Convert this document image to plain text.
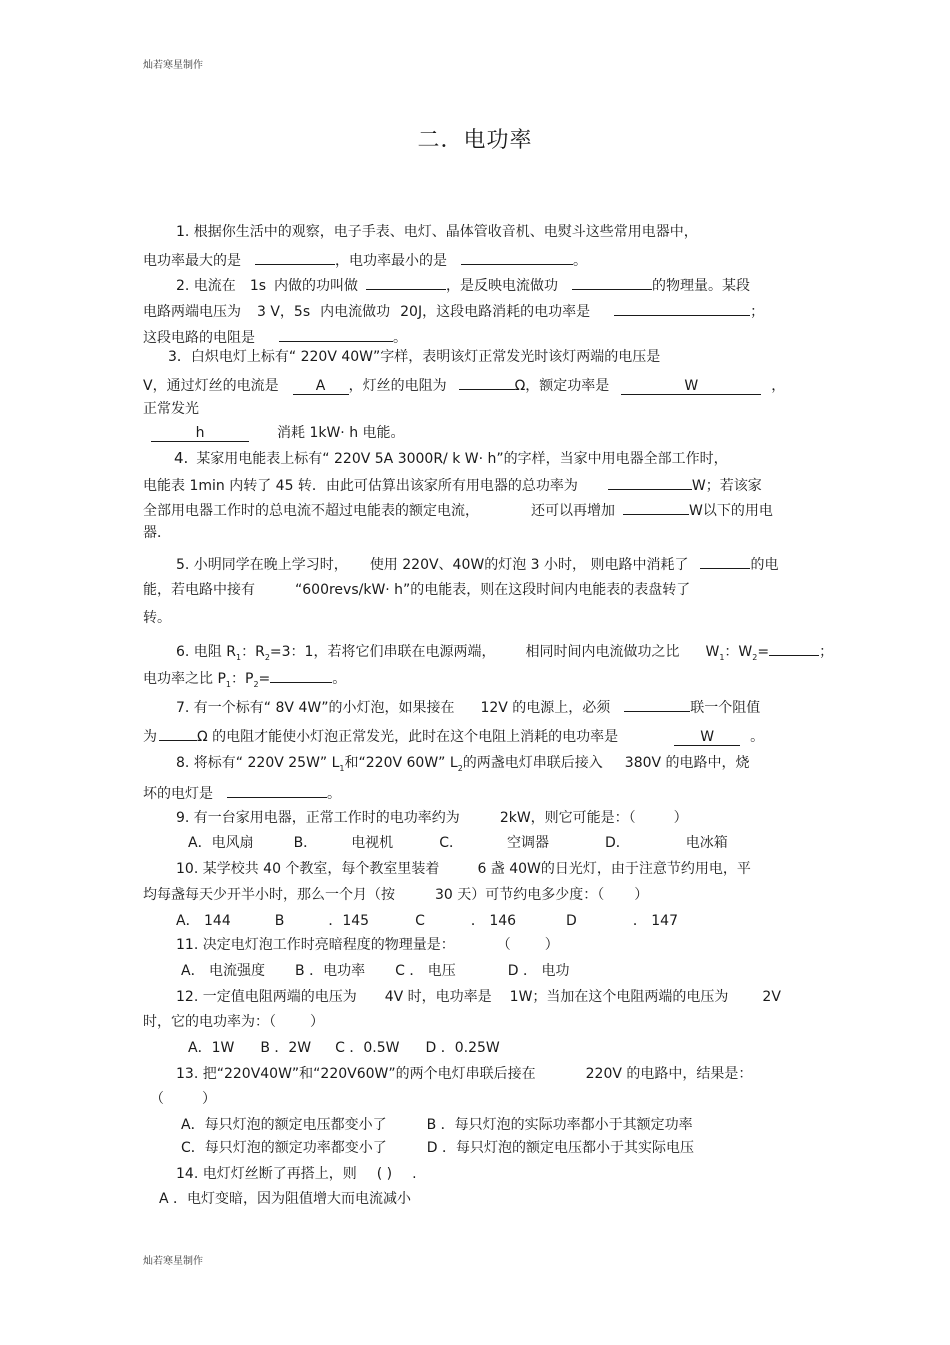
灿若寒星制作
二．电功率
1. 根据你生活中的观察，电子手表、电灯、晶体管收音机、电熨斗这些常用电器中，
电功率最大的是	，电功率最小的是	。
2. 电流在 1s 内做的功叫做	，是反映电流做功	的物理量。某段
电路两端电压为 3 V，5s 内电流做功 20J，这段电路消耗的电功率是	；
这段电路的电阻是	。
3．白炽电灯上标有“ 220V 40W”字样，表明该灯正常发光时该灯两端的电压是
V，通过灯丝的电流是	A ，灯丝的电阻为	Ω，额定功率是	W	，
正常发光
h	消耗 1kW· h 电能。
4. 某家用电能表上标有“ 220V 5A 3000R/ k W· h”的字样，当家中用电器全部工作时，
电能表 1min 内转了 45 转．由此可估算出该家所有用电器的总功率为	W；若该家
全部用电器工作时的总电流不超过电能表的额定电流，	还可以再增加	W以下的用电
器．
5. 小明同学在晚上学习时， 使用 220V、40W的灯泡 3 小时， 则电路中消耗了	的电
能，若电路中接有	“600revs/kW· h”的电能表，则在这段时间内电能表的表盘转了
转。
6. 电阻 $R_1$：$R_2=3$：1，若将它们串联在电源两端， 相同时间内电流做功之比 $W_1$：$W_2=$	；
电功率之比 $P_1$：$P_2=$	。
7. 有一个标有“ 8V 4W”的小灯泡，如果接在 12V 的电源上，必须	联一个阻值
为	Ω 的电阻才能使小灯泡正常发光，此时在这个电阻上消耗的电功率是	W	。
8. 将标有“ 220V 25W” $L_1$和“220V 60W” $L_2$的两盏电灯串联后接入 380V 的电路中，烧
坏的电灯是	。
9. 有一台家用电器，正常工作时的电功率约为	2kW，则它可能是：（	）
A．电风扇	B． 电视机	C．	空调器	D．	电冰箱
10. 某学校共 40 个教室，每个教室里装着	6 盏 40W的日光灯，由于注意节约用电，平
均每盏每天少开半小时，那么一个月（按	30 天）可节约电多少度：（ ）
A． 144	B	．145	C	． 146	D	． 147
11. 决定电灯泡工作时亮暗程度的物理量是：	（ ）
A． 电流强度 B ．电功率 C ． 电压	D ． 电功
12. 一定值电阻两端的电压为 4V 时，电功率是 1W；当加在这个电阻两端的电压为 2V
时，它的电功率为：（ ）
A．1W B ．2W C ．0.5W D ．0.25W
13. 把“220V40W”和“220V60W”的两个电灯串联后接在	220V 的电路中，结果是：
（	）
A．每只灯泡的额定电压都变小了	B ．每只灯泡的实际功率都小于其额定功率
C．每只灯泡的额定功率都变小了	D ．每只灯泡的额定电压都小于其实际电压
14. 电灯灯丝断了再搭上，则 ( ) .
A ．电灯变暗，因为阻值增大而电流减小
灿若寒星制作
